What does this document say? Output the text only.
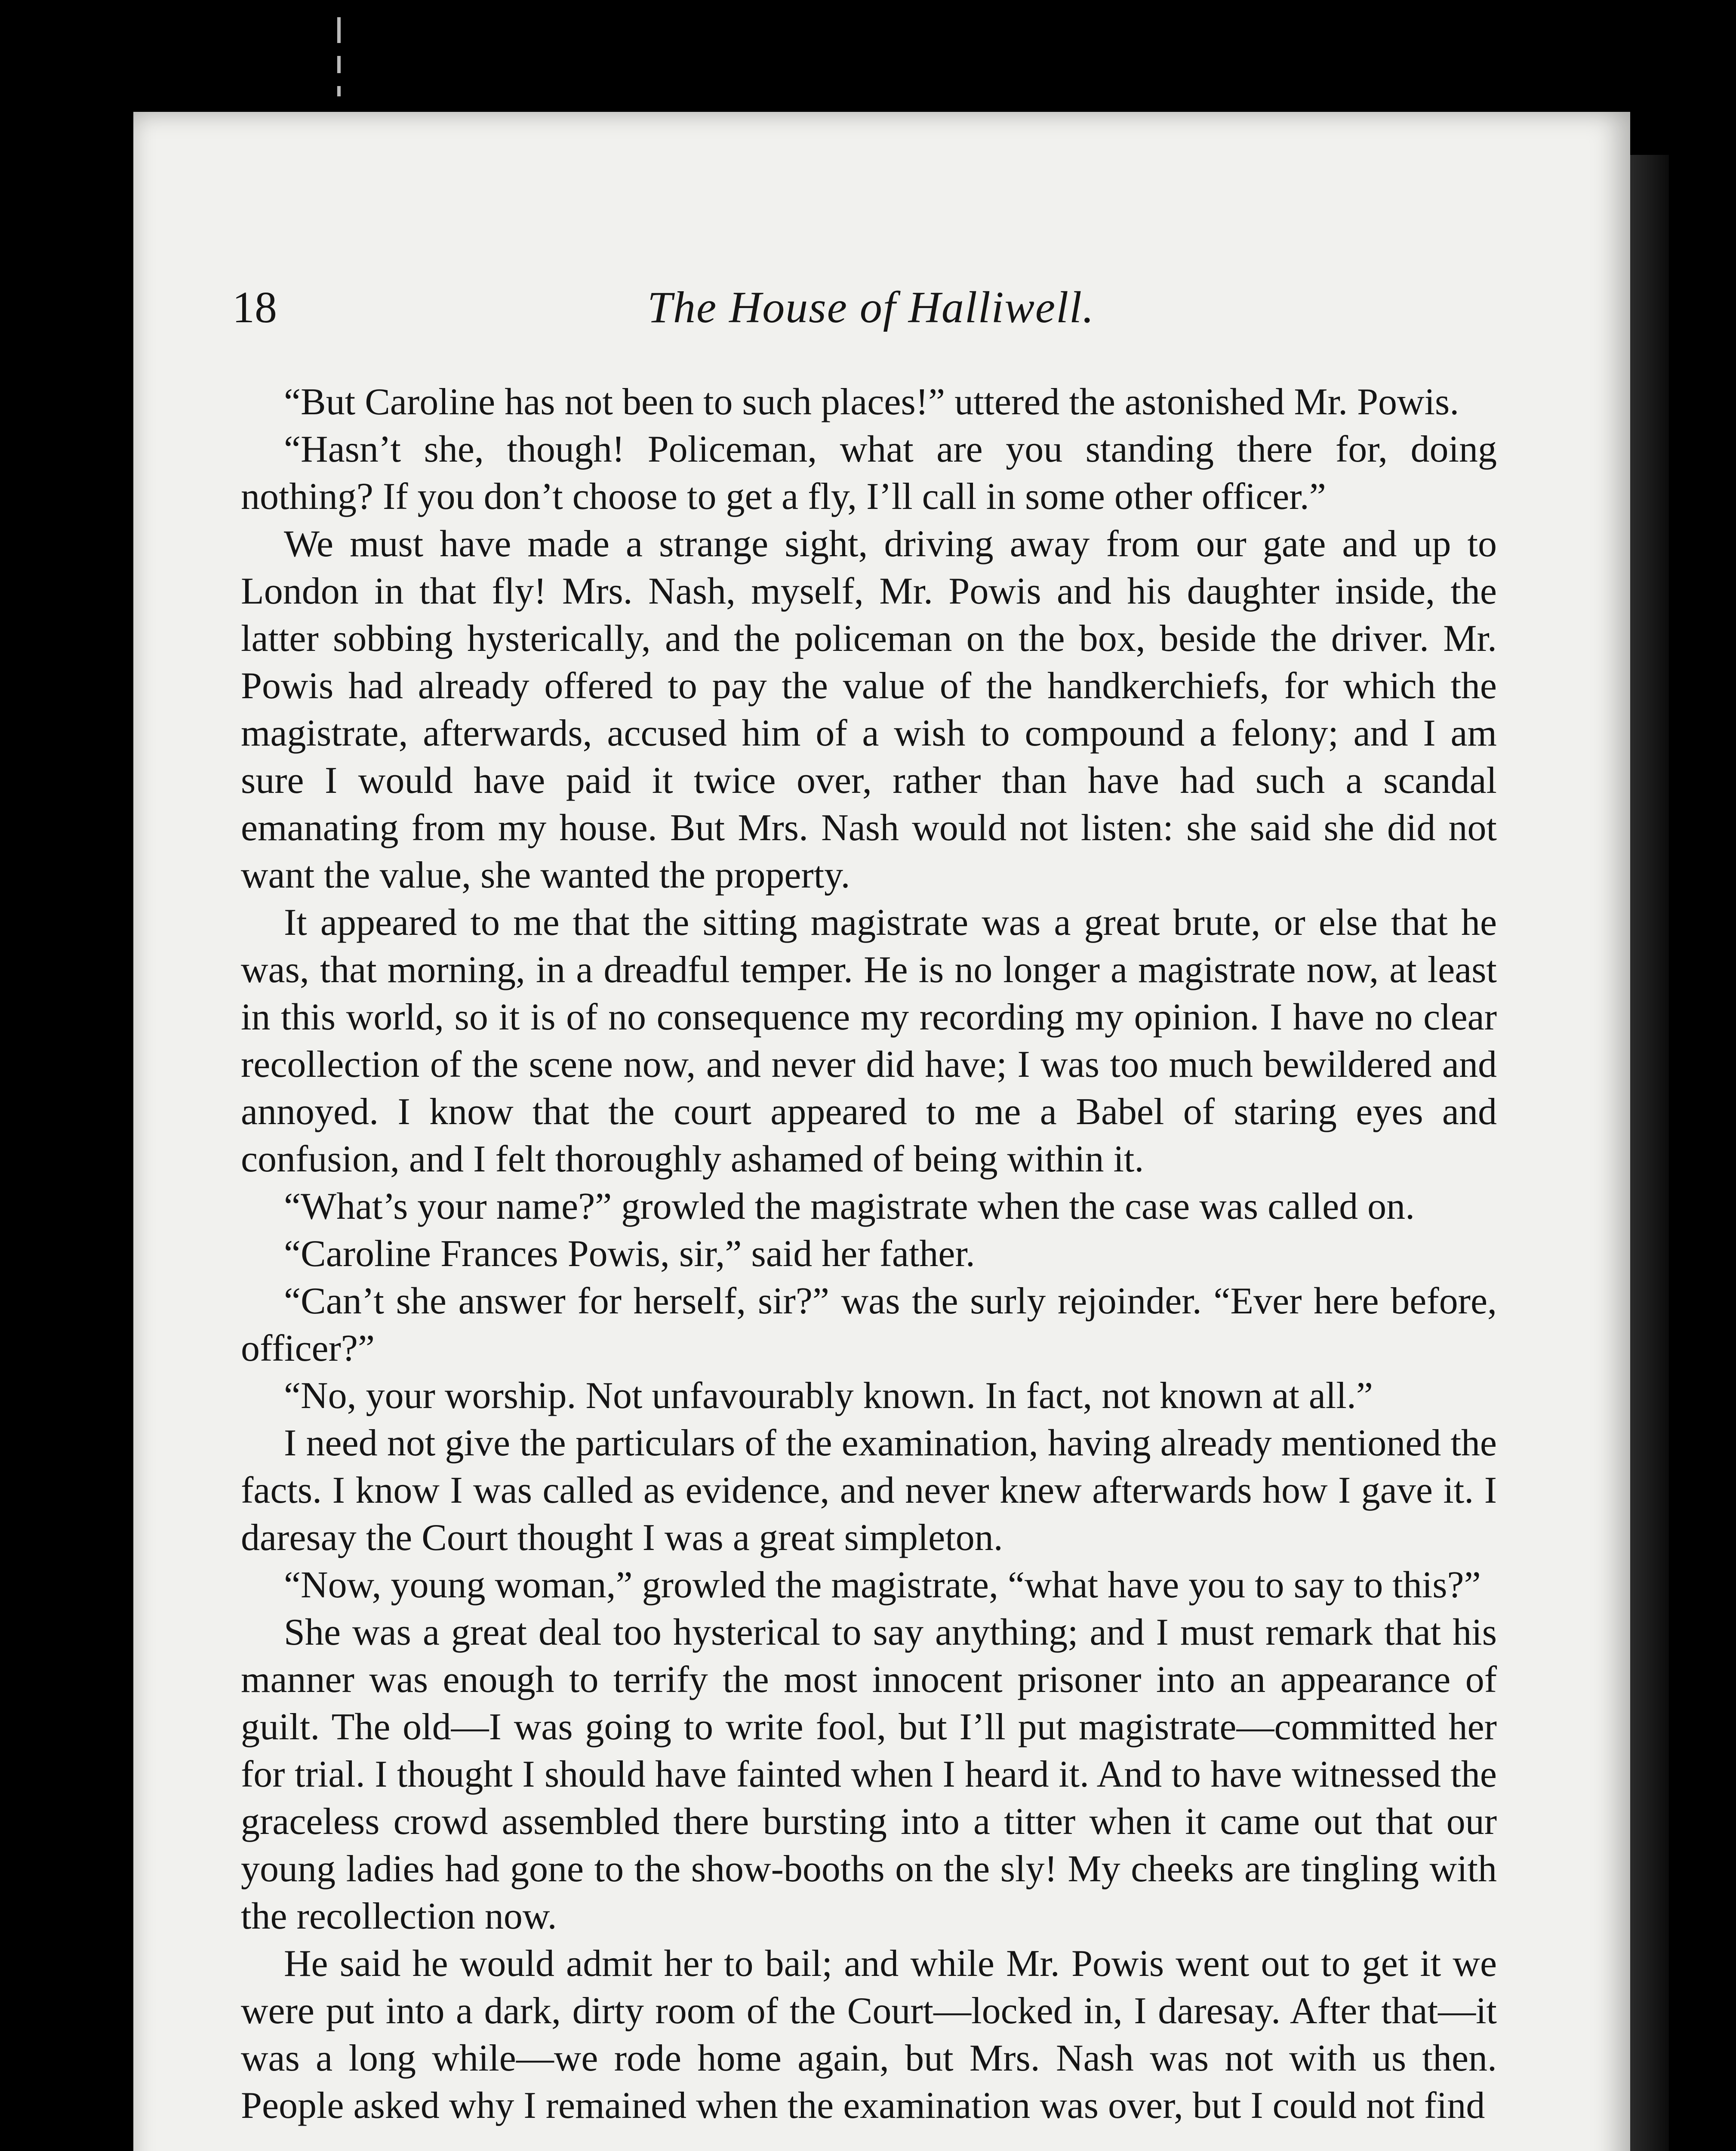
18	The House of Halliwell.

“But Caroline has not been to such places!” uttered the astonished Mr. Powis.

“Hasn’t she, though! Policeman, what are you standing there for, doing nothing? If you don’t choose to get a fly, I’ll call in some other officer.”

We must have made a strange sight, driving away from our gate and up to London in that fly! Mrs. Nash, myself, Mr. Powis and his daughter inside, the latter sobbing hysterically, and the policeman on the box, beside the driver. Mr. Powis had already offered to pay the value of the handkerchiefs, for which the magistrate, afterwards, accused him of a wish to compound a felony; and I am sure I would have paid it twice over, rather than have had such a scandal emanating from my house. But Mrs. Nash would not listen: she said she did not want the value, she wanted the property.

It appeared to me that the sitting magistrate was a great brute, or else that he was, that morning, in a dreadful temper. He is no longer a magistrate now, at least in this world, so it is of no consequence my recording my opinion. I have no clear recollection of the scene now, and never did have; I was too much bewildered and annoyed. I know that the court appeared to me a Babel of staring eyes and confusion, and I felt thoroughly ashamed of being within it.

“What’s your name?” growled the magistrate when the case was called on.

“Caroline Frances Powis, sir,” said her father.

“Can’t she answer for herself, sir?” was the surly rejoinder. “Ever here before, officer?”

“No, your worship. Not unfavourably known. In fact, not known at all.”

I need not give the particulars of the examination, having already mentioned the facts. I know I was called as evidence, and never knew afterwards how I gave it. I daresay the Court thought I was a great simpleton.

“Now, young woman,” growled the magistrate, “what have you to say to this?”

She was a great deal too hysterical to say anything; and I must remark that his manner was enough to terrify the most innocent prisoner into an appearance of guilt. The old—I was going to write fool, but I’ll put magistrate—committed her for trial. I thought I should have fainted when I heard it. And to have witnessed the graceless crowd assembled there bursting into a titter when it came out that our young ladies had gone to the show-booths on the sly! My cheeks are tingling with the recollection now.

He said he would admit her to bail; and while Mr. Powis went out to get it we were put into a dark, dirty room of the Court—locked in, I daresay. After that—it was a long while—we rode home again, but Mrs. Nash was not with us then. People asked why I remained when the examination was over, but I could not find
